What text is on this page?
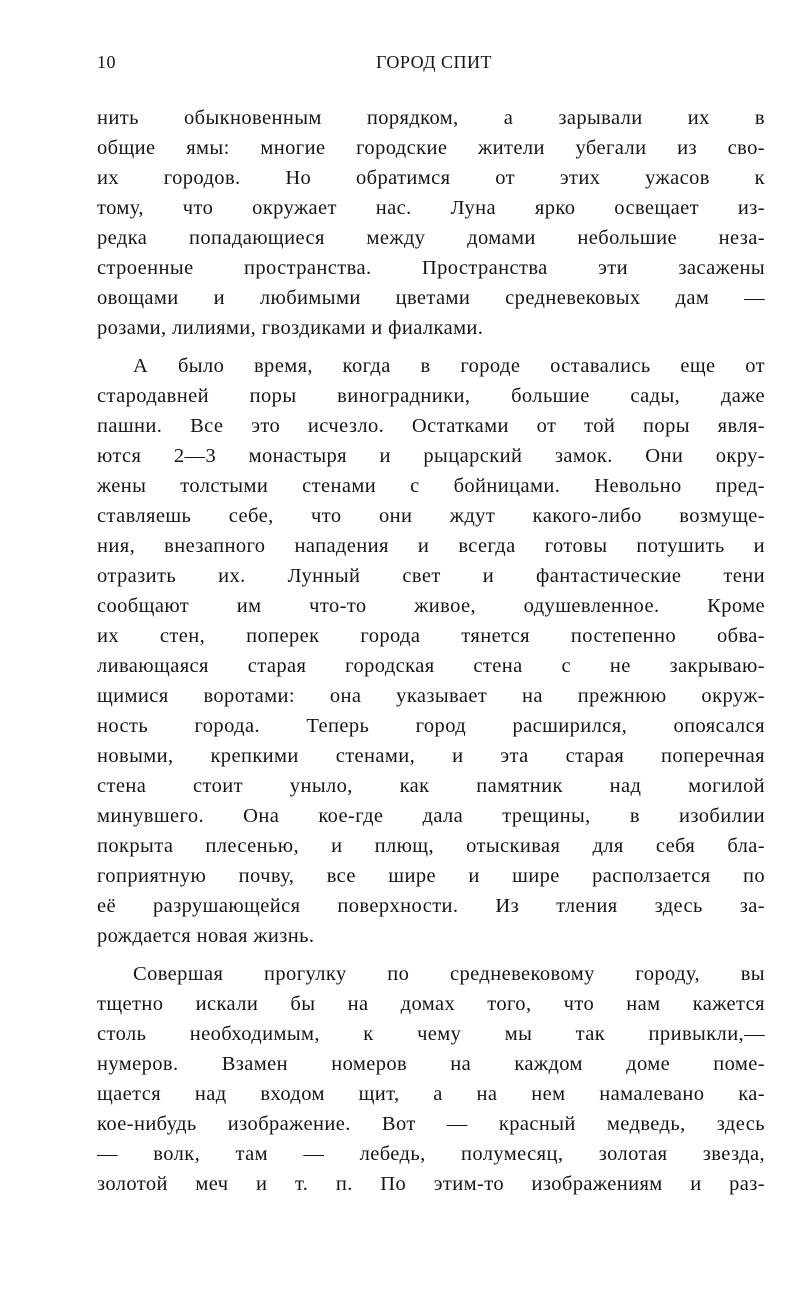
10	ГОРОД СПИТ

нить обыкновенным порядком, а зарывали их в
общие ямы: многие городские жители убегали из сво-
их городов. Но обратимся от этих ужасов к
тому, что окружает нас. Луна ярко освещает из-
редка попадающиеся между домами небольшие неза-
строенные пространства. Пространства эти засажены
овощами и любимыми цветами средневековых дам —
розами, лилиями, гвоздиками и фиалками.

А было время, когда в городе оставались еще от
стародавней поры виноградники, большие сады, даже
пашни. Все это исчезло. Остатками от той поры явля-
ются 2—3 монастыря и рыцарский замок. Они окру-
жены толстыми стенами с бойницами. Невольно пред-
ставляешь себе, что они ждут какого-либо возмуще-
ния, внезапного нападения и всегда готовы потушить и
отразить их. Лунный свет и фантастические тени
сообщают им что-то живое, одушевленное. Кроме
их стен, поперек города тянется постепенно обва-
ливающаяся старая городская стена с не закрываю-
щимися воротами: она указывает на прежнюю окруж-
ность города. Теперь город расширился, опоясался
новыми, крепкими стенами, и эта старая поперечная
стена стоит уныло, как памятник над могилой
минувшего. Она кое-где дала трещины, в изобилии
покрыта плесенью, и плющ, отыскивая для себя бла-
гоприятную почву, все шире и шире расползается по
её разрушающейся поверхности. Из тления здесь за-
рождается новая жизнь.

Совершая прогулку по средневековому городу, вы
тщетно искали бы на домах того, что нам кажется
столь необходимым, к чему мы так привыкли,—
нумеров. Взамен номеров на каждом доме поме-
щается над входом щит, а на нем намалевано ка-
кое-нибудь изображение. Вот — красный медведь, здесь
— волк, там — лебедь, полумесяц, золотая звезда,
золотой меч и т. п. По этим-то изображениям и раз-
